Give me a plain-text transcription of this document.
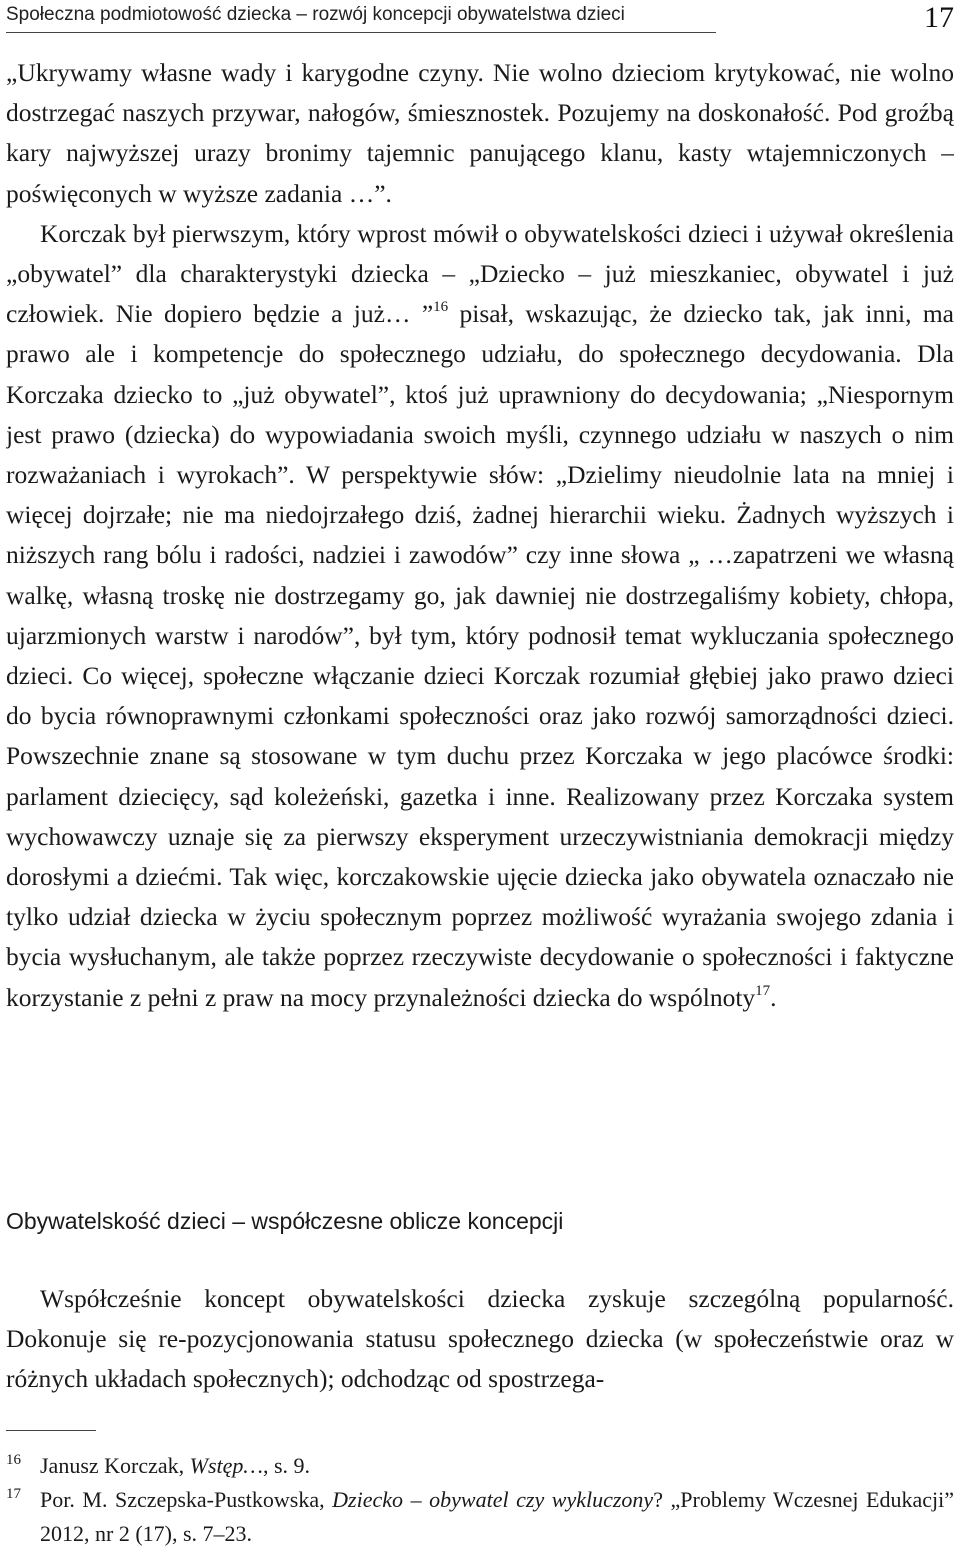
Społeczna podmiotowość dziecka – rozwój koncepcji obywatelstwa dzieci	17
„Ukrywamy własne wady i karygodne czyny. Nie wolno dzieciom krytykować, nie wolno dostrzegać naszych przywar, nałogów, śmiesznostek. Pozujemy na doskonałość. Pod groźbą kary najwyższej urazy bronimy tajemnic panującego klanu, kasty wtajemniczonych – poświęconych w wyższe zadania …”.
Korczak był pierwszym, który wprost mówił o obywatelskości dzieci i używał określenia „obywatel” dla charakterystyki dziecka – „Dziecko – już mieszkaniec, obywatel i już człowiek. Nie dopiero będzie a już… ”$^{16}$ pisał, wskazując, że dziecko tak, jak inni, ma prawo ale i kompetencje do społecznego udziału, do społecznego decydowania. Dla Korczaka dziecko to „już obywatel”, ktoś już uprawniony do decydowania; „Niespornym jest prawo (dziecka) do wypowiadania swoich myśli, czynnego udziału w naszych o nim rozważaniach i wyrokach”. W perspektywie słów: „Dzielimy nieudolnie lata na mniej i więcej dojrzałe; nie ma niedojrzałego dziś, żadnej hierarchii wieku. Żadnych wyższych i niższych rang bólu i radości, nadziei i zawodów” czy inne słowa „ …zapatrzeni we własną walkę, własną troskę nie dostrzegamy go, jak dawniej nie dostrzegaliśmy kobiety, chłopa, ujarzmionych warstw i narodów”, był tym, który podnosił temat wykluczania społecznego dzieci. Co więcej, społeczne włączanie dzieci Korczak rozumiał głębiej jako prawo dzieci do bycia równoprawnymi członkami społeczności oraz jako rozwój samorządności dzieci. Powszechnie znane są stosowane w tym duchu przez Korczaka w jego placówce środki: parlament dziecięcy, sąd koleżeński, gazetka i inne. Realizowany przez Korczaka system wychowawczy uznaje się za pierwszy eksperyment urzeczywistniania demokracji między dorosłymi a dziećmi. Tak więc, korczakowskie ujęcie dziecka jako obywatela oznaczało nie tylko udział dziecka w życiu społecznym poprzez możliwość wyrażania swojego zdania i bycia wysłuchanym, ale także poprzez rzeczywiste decydowanie o społeczności i faktyczne korzystanie z pełni z praw na mocy przynależności dziecka do wspólnoty$^{17}$.
Obywatelskość dzieci – współczesne oblicze koncepcji
Współcześnie koncept obywatelskości dziecka zyskuje szczególną popularność. Dokonuje się re-pozycjonowania statusu społecznego dziecka (w społeczeństwie oraz w różnych układach społecznych); odchodząc od spostrzega-
16 Janusz Korczak, Wstęp…, s. 9.
17 Por. M. Szczepska-Pustkowska, Dziecko – obywatel czy wykluczony? „Problemy Wczesnej Edukacji” 2012, nr 2 (17), s. 7–23.
